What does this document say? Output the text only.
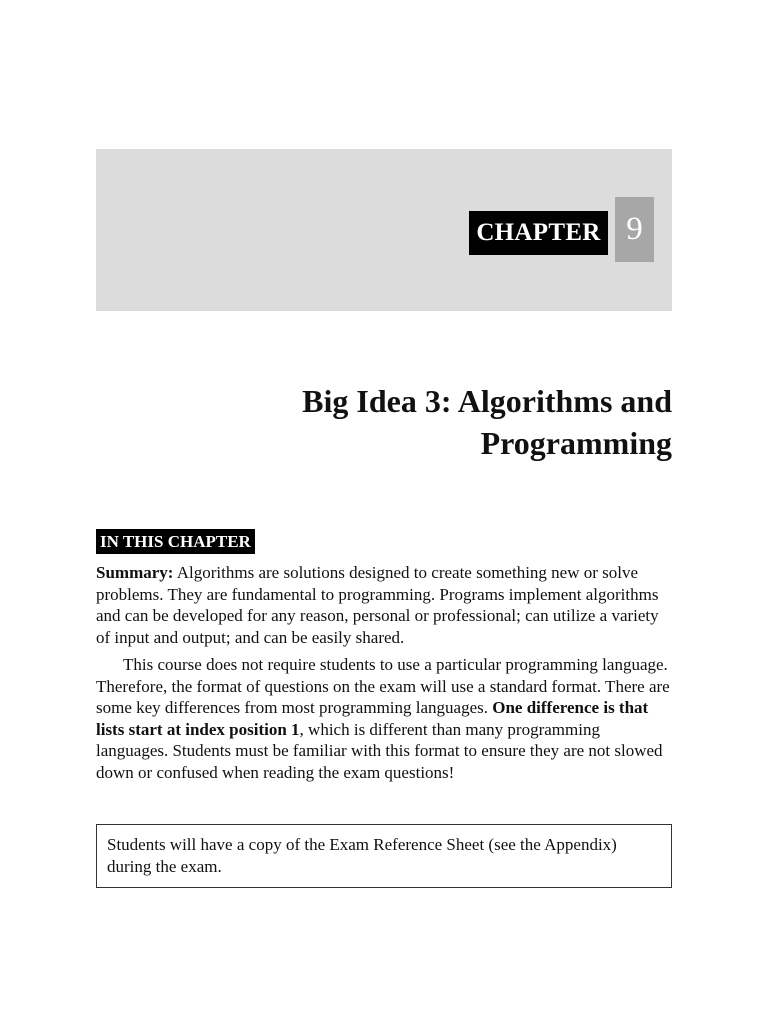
CHAPTER 9
Big Idea 3: Algorithms and
Programming
IN THIS CHAPTER

Summary: Algorithms are solutions designed to create something new or solve problems. They are fundamental to programming. Programs implement algorithms and can be developed for any reason, personal or professional; can utilize a variety of input and output; and can be easily shared.

This course does not require students to use a particular programming language. Therefore, the format of questions on the exam will use a standard format. There are some key differences from most programming languages. One difference is that lists start at index position 1, which is different than many programming languages. Students must be familiar with this format to ensure they are not slowed down or confused when reading the exam questions!

Students will have a copy of the Exam Reference Sheet (see the Appendix) during the exam.
